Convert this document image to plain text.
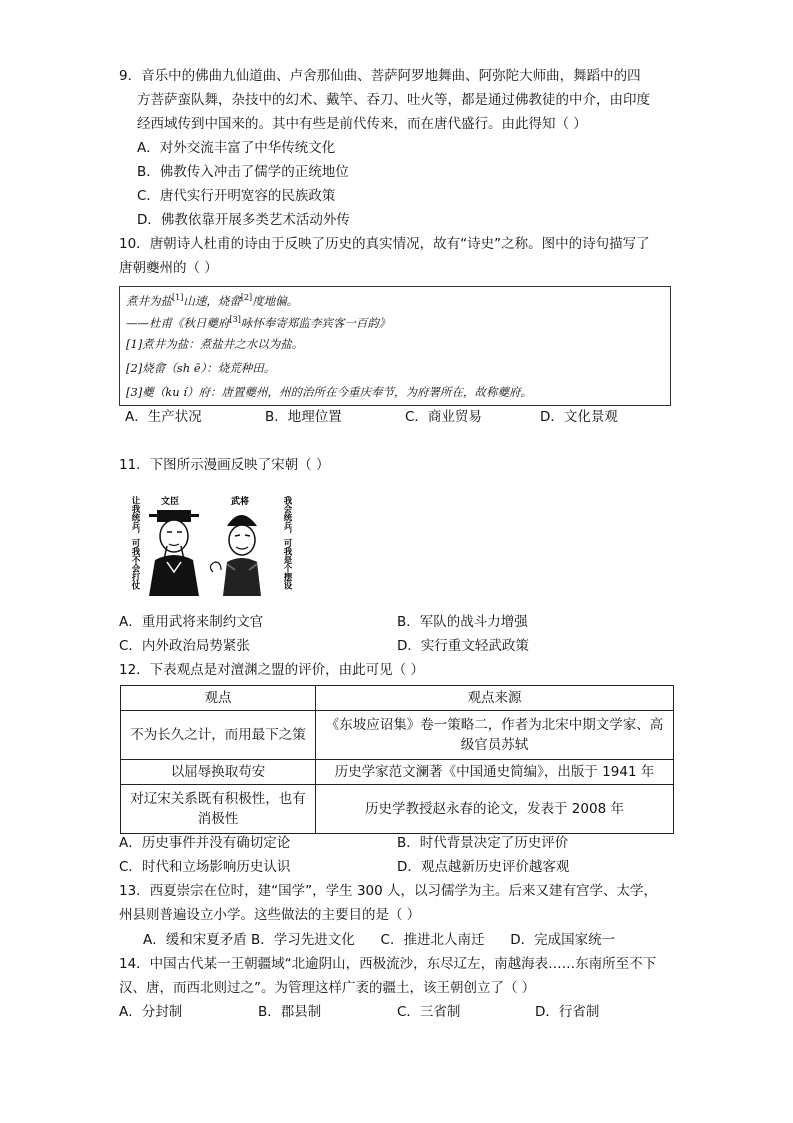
9．音乐中的佛曲九仙道曲、卢舍那仙曲、菩萨阿罗地舞曲、阿弥陀大师曲，舞蹈中的四
方菩萨蛮队舞，杂技中的幻术、戴竿、吞刀、吐火等，都是通过佛教徒的中介，由印度
经西域传到中国来的。其中有些是前代传来，而在唐代盛行。由此得知（ ）
A．对外交流丰富了中华传统文化
B．佛教传入冲击了儒学的正统地位
C．唐代实行开明宽容的民族政策
D．佛教依靠开展多类艺术活动外传
10．唐朝诗人杜甫的诗由于反映了历史的真实情况，故有“诗史”之称。图中的诗句描写了
唐朝夔州的（ ）
煮井为盐[1]山速，烧畲[2]度地偏。
——杜甫《秋日夔府[3]咏怀奉寄郑监李宾客一百韵》
[1]煮井为盐：煮盐井之水以为盐。
[2]烧畲（sh ē）：烧荒种田。
[3]夔（ku í）府：唐置夔州，州的治所在今重庆奉节，为府署所在，故称夔府。
A．生产状况	B．地理位置	C．商业贸易	D．文化景观
11．下图所示漫画反映了宋朝（ ）
让我统兵，可我不会打仗 文臣	武将	我会统兵，可我是个摆设
A．重用武将来制约文官	B．军队的战斗力增强
C．内外政治局势紧张	D．实行重文轻武政策
12．下表观点是对澶渊之盟的评价，由此可见（ ）
观点	观点来源
不为长久之计，而用最下之策	《东坡应诏集》卷一策略二，作者为北宋中期文学家、高级官员苏轼
以屈辱换取苟安	历史学家范文澜著《中国通史简编》，出版于 1941 年
对辽宋关系既有积极性，也有消极性	历史学教授赵永春的论文，发表于 2008 年
A．历史事件并没有确切定论	B．时代背景决定了历史评价
C．时代和立场影响历史认识	D．观点越新历史评价越客观
13．西夏崇宗在位时，建“国学”，学生 300 人，以习儒学为主。后来又建有宫学、太学，
州县则普遍设立小学。这些做法的主要目的是（ ）
A．缓和宋夏矛盾 B．学习先进文化      C．推进北人南迁      D．完成国家统一
14．中国古代某一王朝疆域“北逾阴山，西极流沙，东尽辽左，南越海表……东南所至不下
汉、唐，而西北则过之”。为管理这样广袤的疆土，该王朝创立了（ ）
A．分封制	B．郡县制	C．三省制	D．行省制
